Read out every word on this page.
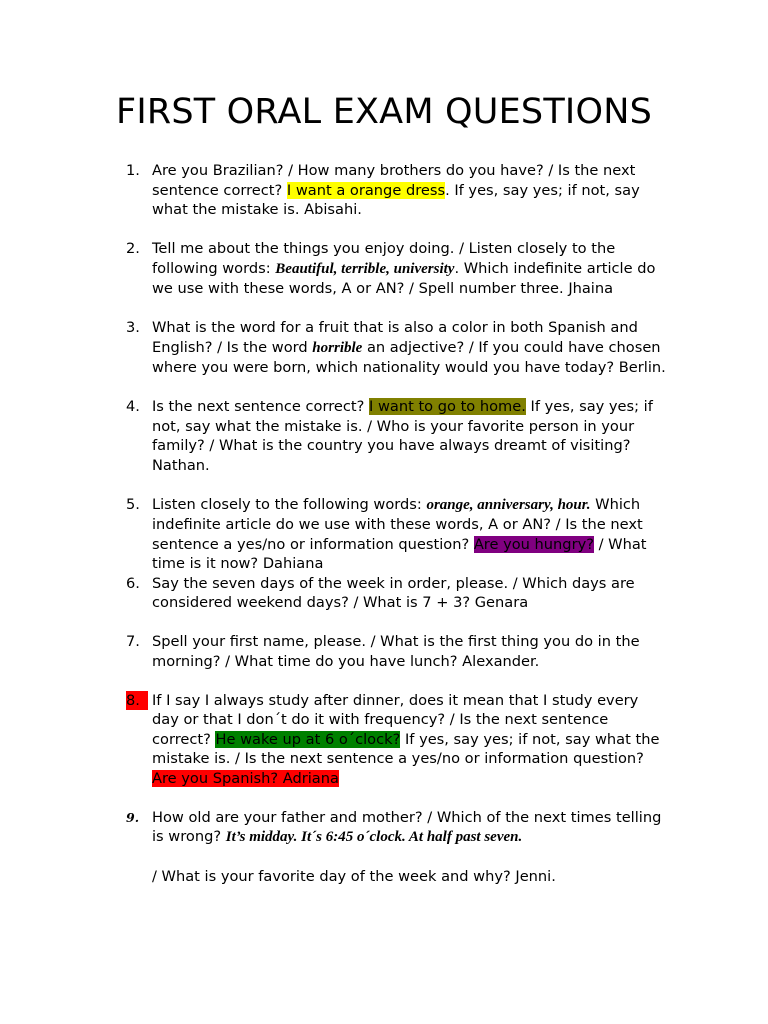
FIRST ORAL EXAM QUESTIONS
1. Are you Brazilian? / How many brothers do you have? / Is the next sentence correct? I want a orange dress. If yes, say yes; if not, say what the mistake is. Abisahi.
2. Tell me about the things you enjoy doing. / Listen closely to the following words: Beautiful, terrible, university. Which indefinite article do we use with these words, A or AN? / Spell number three. Jhaina
3. What is the word for a fruit that is also a color in both Spanish and English? / Is the word horrible an adjective? / If you could have chosen where you were born, which nationality would you have today? Berlin.
4. Is the next sentence correct? I want to go to home. If yes, say yes; if not, say what the mistake is. / Who is your favorite person in your family? / What is the country you have always dreamt of visiting? Nathan.
5. Listen closely to the following words: orange, anniversary, hour. Which indefinite article do we use with these words, A or AN? / Is the next sentence a yes/no or information question? Are you hungry? / What time is it now? Dahiana
6. Say the seven days of the week in order, please. / Which days are considered weekend days? / What is 7 + 3? Genara
7. Spell your first name, please. / What is the first thing you do in the morning? / What time do you have lunch? Alexander.
8. If I say I always study after dinner, does it mean that I study every day or that I don´t do it with frequency? / Is the next sentence correct? He wake up at 6 o´clock? If yes, say yes; if not, say what the mistake is. / Is the next sentence a yes/no or information question? Are you Spanish? Adriana
9. How old are your father and mother? / Which of the next times telling is wrong? It’s midday. It´s 6:45 o´clock. At half past seven.
/ What is your favorite day of the week and why? Jenni.
